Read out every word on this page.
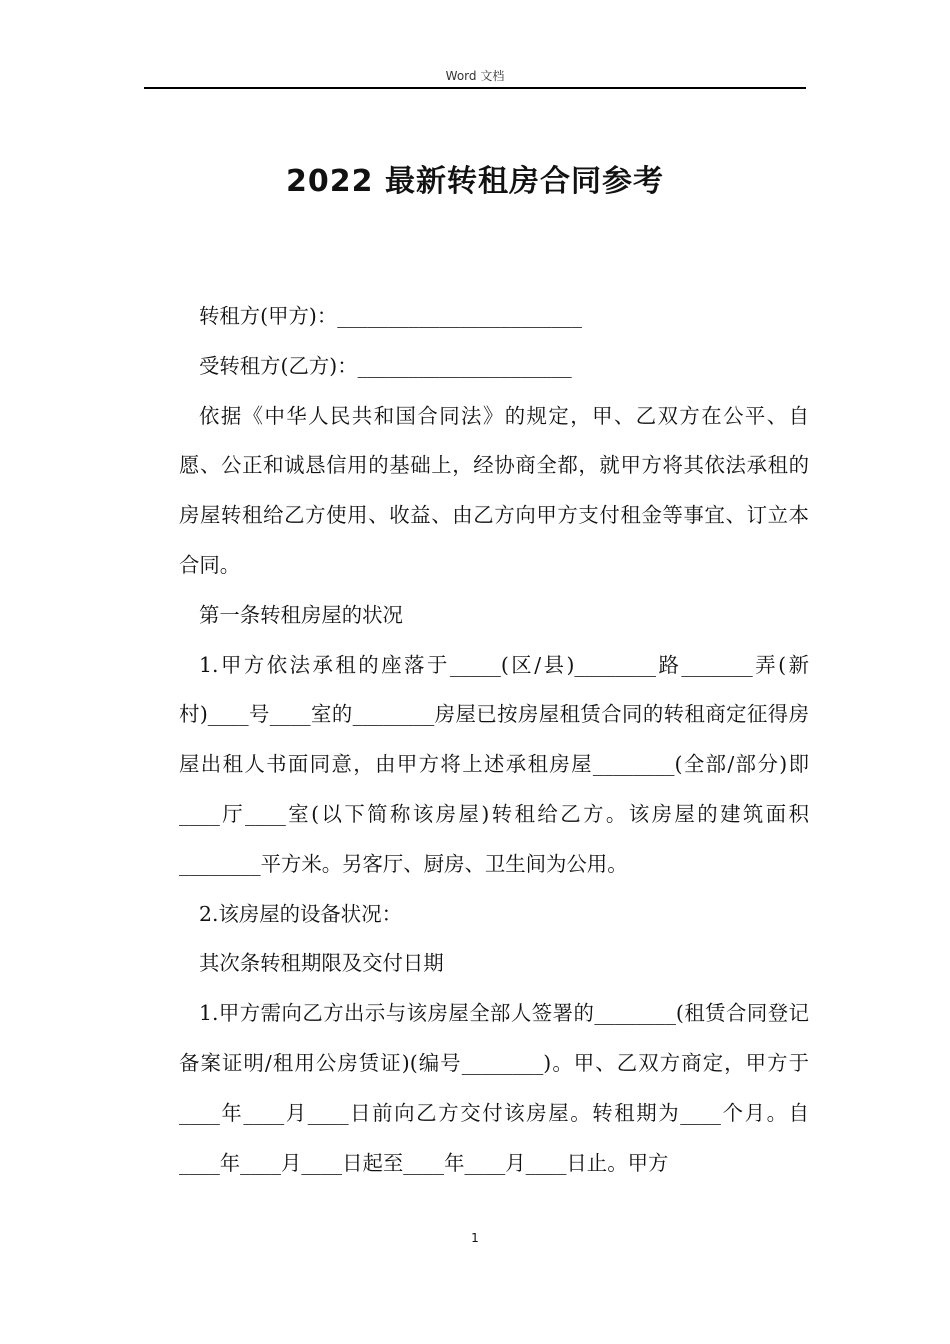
Word 文档
2022 最新转租房合同参考

转租方(甲方)：________________________

受转租方(乙方)：_____________________

依据《中华人民共和国合同法》的规定，甲、乙双方在公平、自愿、公正和诚恳信用的基础上，经协商全都，就甲方将其依法承租的房屋转租给乙方使用、收益、由乙方向甲方支付租金等事宜、订立本合同。

第一条转租房屋的状况

1.甲方依法承租的座落于_____(区/县)________路_______弄(新村)____号____室的________房屋已按房屋租赁合同的转租商定征得房屋出租人书面同意，由甲方将上述承租房屋________(全部/部分)即____厅____室(以下简称该房屋)转租给乙方。该房屋的建筑面积________平方米。另客厅、厨房、卫生间为公用。

2.该房屋的设备状况：

其次条转租期限及交付日期

1.甲方需向乙方出示与该房屋全部人签署的________(租赁合同登记备案证明/租用公房赁证)(编号________)。甲、乙双方商定，甲方于____年____月____日前向乙方交付该房屋。转租期为____个月。自____年____月____日起至____年____月____日止。甲方

1
